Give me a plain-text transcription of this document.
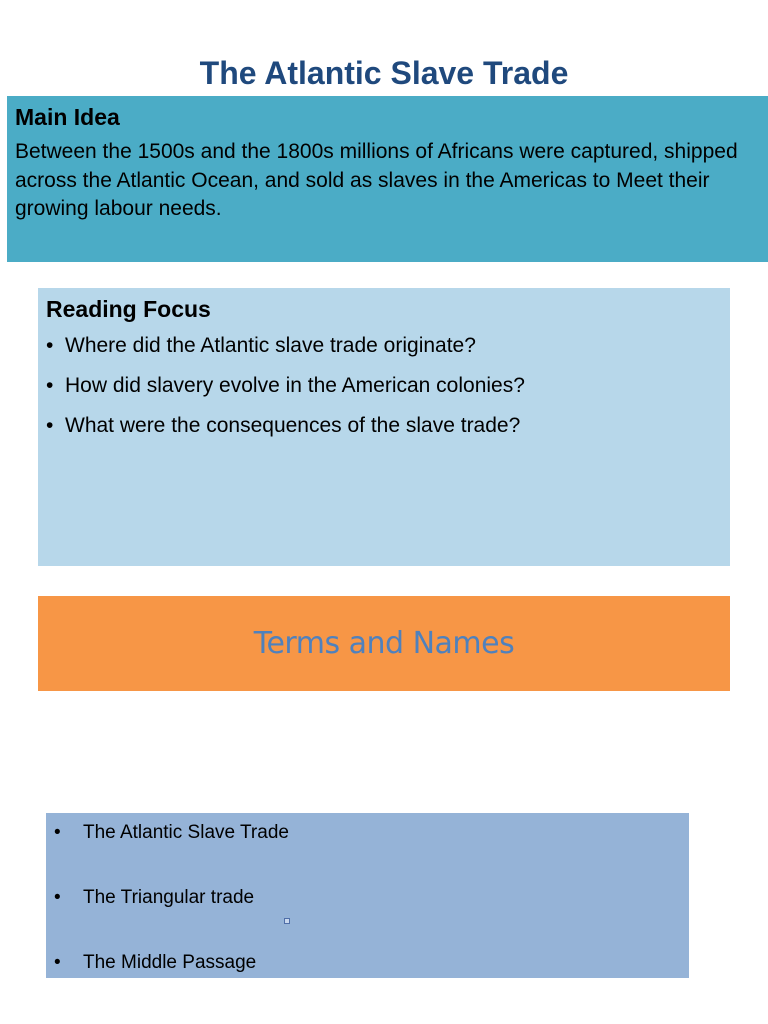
The Atlantic Slave Trade

Main Idea

Between the 1500s and the 1800s millions of Africans were captured, shipped across the Atlantic Ocean, and sold as slaves in the Americas to Meet their growing labour needs.

Reading Focus

• Where did the Atlantic slave trade originate?
• How did slavery evolve in the American colonies?
• What were the consequences of the slave trade?
Terms and Names
• The Atlantic Slave Trade
• The Triangular trade
• The Middle Passage
